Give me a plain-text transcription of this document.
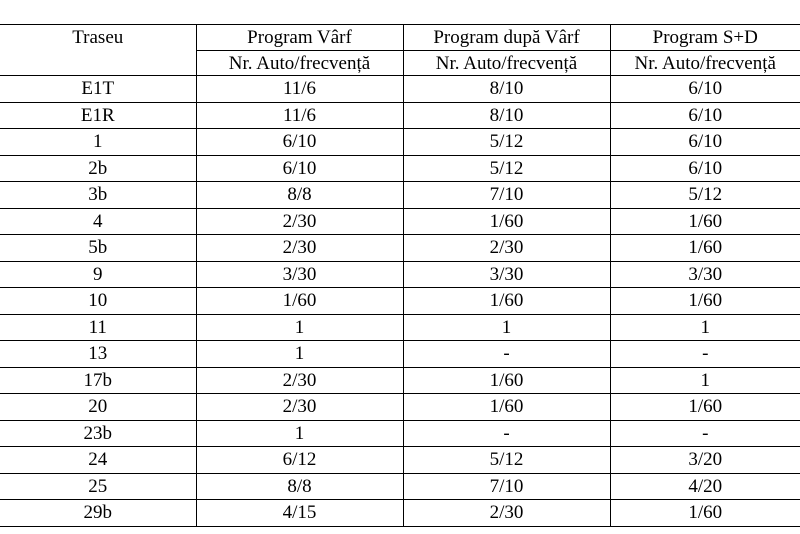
Traseu	Program Vârf	Program după Vârf	Program S+D
	Nr. Auto/frecvență	Nr. Auto/frecvență	Nr. Auto/frecvență
E1T	11/6	8/10	6/10
E1R	11/6	8/10	6/10
1	6/10	5/12	6/10
2b	6/10	5/12	6/10
3b	8/8	7/10	5/12
4	2/30	1/60	1/60
5b	2/30	2/30	1/60
9	3/30	3/30	3/30
10	1/60	1/60	1/60
11	1	1	1
13	1	-	-
17b	2/30	1/60	1
20	2/30	1/60	1/60
23b	1	-	-
24	6/12	5/12	3/20
25	8/8	7/10	4/20
29b	4/15	2/30	1/60
